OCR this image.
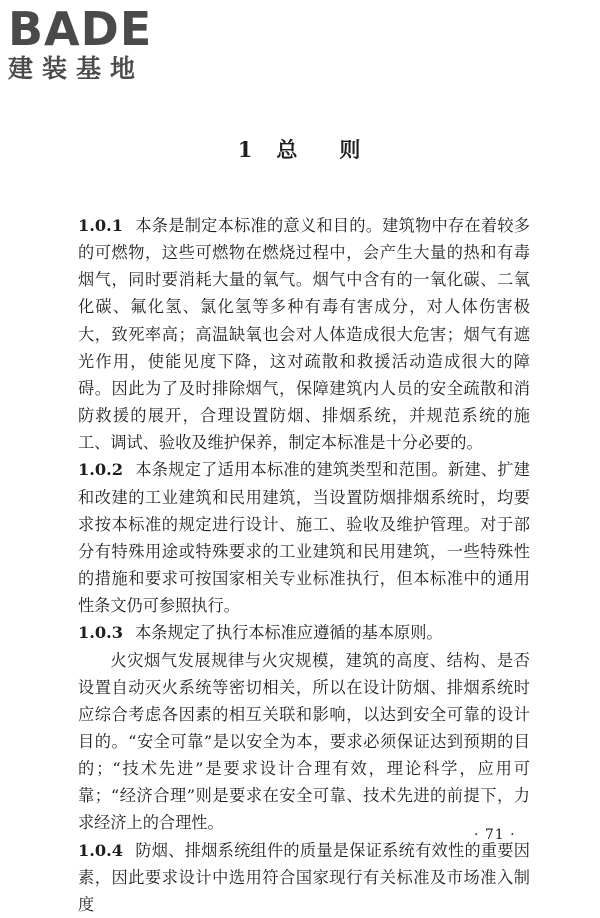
BADE
建装基地
1 总 则

1.0.1 本条是制定本标准的意义和目的。建筑物中存在着较多的可燃物，这些可燃物在燃烧过程中，会产生大量的热和有毒烟气，同时要消耗大量的氧气。烟气中含有的一氧化碳、二氧化碳、氟化氢、氯化氢等多种有毒有害成分，对人体伤害极大，致死率高；高温缺氧也会对人体造成很大危害；烟气有遮光作用，使能见度下降，这对疏散和救援活动造成很大的障碍。因此为了及时排除烟气，保障建筑内人员的安全疏散和消防救援的展开，合理设置防烟、排烟系统，并规范系统的施工、调试、验收及维护保养，制定本标准是十分必要的。

1.0.2 本条规定了适用本标准的建筑类型和范围。新建、扩建和改建的工业建筑和民用建筑，当设置防烟排烟系统时，均要求按本标准的规定进行设计、施工、验收及维护管理。对于部分有特殊用途或特殊要求的工业建筑和民用建筑，一些特殊性的措施和要求可按国家相关专业标准执行，但本标准中的通用性条文仍可参照执行。

1.0.3 本条规定了执行本标准应遵循的基本原则。

火灾烟气发展规律与火灾规模，建筑的高度、结构、是否设置自动灭火系统等密切相关，所以在设计防烟、排烟系统时应综合考虑各因素的相互关联和影响，以达到安全可靠的设计目的。“安全可靠”是以安全为本，要求必须保证达到预期的目的；“技术先进”是要求设计合理有效，理论科学，应用可靠；“经济合理”则是要求在安全可靠、技术先进的前提下，力求经济上的合理性。

1.0.4 防烟、排烟系统组件的质量是保证系统有效性的重要因素，因此要求设计中选用符合国家现行有关标准及市场准入制度

· 71 ·
